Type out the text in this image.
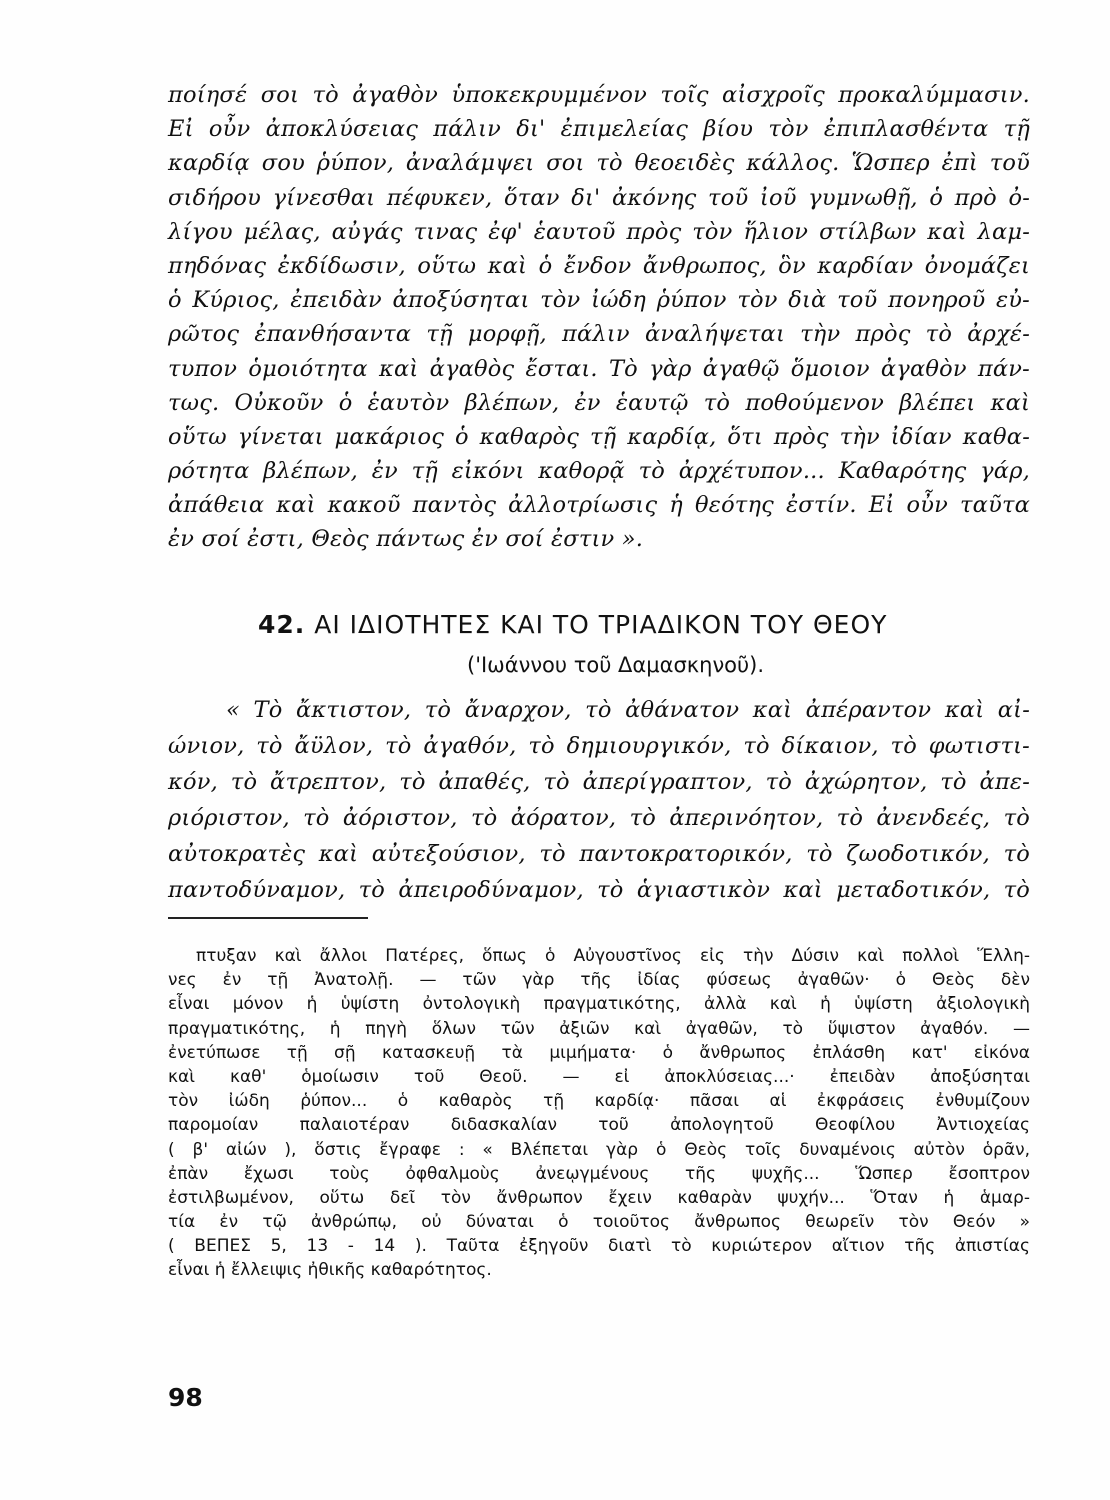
ποίησέ σοι τὸ ἀγαθὸν ὑποκεκρυμμένον τοῖς αἰσχροῖς προκαλύμμασιν.
Εἰ οὖν ἀποκλύσειας πάλιν δι' ἐπιμελείας βίου τὸν ἐπιπλασθέντα τῇ
καρδίᾳ σου ῥύπον, ἀναλάμψει σοι τὸ θεοειδὲς κάλλος. Ὥσπερ ἐπὶ τοῦ
σιδήρου γίνεσθαι πέφυκεν, ὅταν δι' ἀκόνης τοῦ ἰοῦ γυμνωθῇ, ὁ πρὸ ὀ-
λίγου μέλας, αὐγάς τινας ἐφ' ἑαυτοῦ πρὸς τὸν ἥλιον στίλβων καὶ λαμ-
πηδόνας ἐκδίδωσιν, οὕτω καὶ ὁ ἔνδον ἄνθρωπος, ὃν καρδίαν ὀνομάζει
ὁ Κύριος, ἐπειδὰν ἀποξύσηται τὸν ἰώδη ῥύπον τὸν διὰ τοῦ πονηροῦ εὐ-
ρῶτος ἐπανθήσαντα τῇ μορφῇ, πάλιν ἀναλήψεται τὴν πρὸς τὸ ἀρχέ-
τυπον ὁμοιότητα καὶ ἀγαθὸς ἔσται. Τὸ γὰρ ἀγαθῷ ὅμοιον ἀγαθὸν πάν-
τως. Οὐκοῦν ὁ ἑαυτὸν βλέπων, ἐν ἑαυτῷ τὸ ποθούμενον βλέπει καὶ
οὕτω γίνεται μακάριος ὁ καθαρὸς τῇ καρδίᾳ, ὅτι πρὸς τὴν ἰδίαν καθα-
ρότητα βλέπων, ἐν τῇ εἰκόνι καθορᾷ τὸ ἀρχέτυπον... Καθαρότης γάρ,
ἀπάθεια καὶ κακοῦ παντὸς ἀλλοτρίωσις ἡ θεότης ἐστίν. Εἰ οὖν ταῦτα
ἐν σοί ἐστι, Θεὸς πάντως ἐν σοί ἐστιν ».
42. ΑΙ ΙΔΙΟΤΗΤΕΣ ΚΑΙ ΤΟ ΤΡΙΑΔΙΚΟΝ ΤΟΥ ΘΕΟΥ
('Ιωάννου τοῦ Δαμασκηνοῦ).
« Τὸ ἄκτιστον, τὸ ἄναρχον, τὸ ἀθάνατον καὶ ἀπέραντον καὶ αἰ-
ώνιον, τὸ ἄϋλον, τὸ ἀγαθόν, τὸ δημιουργικόν, τὸ δίκαιον, τὸ φωτιστι-
κόν, τὸ ἄτρεπτον, τὸ ἀπαθές, τὸ ἀπερίγραπτον, τὸ ἀχώρητον, τὸ ἀπε-
ριόριστον, τὸ ἀόριστον, τὸ ἀόρατον, τὸ ἀπερινόητον, τὸ ἀνενδεές, τὸ
αὐτοκρατὲς καὶ αὐτεξούσιον, τὸ παντοκρατορικόν, τὸ ζωοδοτικόν, τὸ
παντοδύναμον, τὸ ἀπειροδύναμον, τὸ ἁγιαστικὸν καὶ μεταδοτικόν, τὸ
πτυξαν καὶ ἄλλοι Πατέρες, ὅπως ὁ Αὐγουστῖνος εἰς τὴν Δύσιν καὶ πολλοὶ Ἕλλη-
νες ἐν τῇ Ἀνατολῇ. — τῶν γὰρ τῆς ἰδίας φύσεως ἀγαθῶν· ὁ Θεὸς δὲν
εἶναι μόνον ἡ ὑψίστη ὀντολογικὴ πραγματικότης, ἀλλὰ καὶ ἡ ὑψίστη ἀξιολογικὴ
πραγματικότης, ἡ πηγὴ ὅλων τῶν ἀξιῶν καὶ ἀγαθῶν, τὸ ὕψιστον ἀγαθόν. —
ἐνετύπωσε τῇ σῇ κατασκευῇ τὰ μιμήματα· ὁ ἄνθρωπος ἐπλάσθη κατ' εἰκόνα
καὶ καθ' ὁμοίωσιν τοῦ Θεοῦ. — εἰ ἀποκλύσειας...· ἐπειδὰν ἀποξύσηται
τὸν ἰώδη ῥύπον... ὁ καθαρὸς τῇ καρδίᾳ· πᾶσαι αἱ ἐκφράσεις ἐνθυμίζουν
παρομοίαν παλαιοτέραν διδασκαλίαν τοῦ ἀπολογητοῦ Θεοφίλου Ἀντιοχείας
( β' αἰών ), ὅστις ἔγραφε : « Βλέπεται γὰρ ὁ Θεὸς τοῖς δυναμένοις αὐτὸν ὁρᾶν,
ἐπὰν ἔχωσι τοὺς ὀφθαλμοὺς ἀνεῳγμένους τῆς ψυχῆς... Ὥσπερ ἔσοπτρον
ἐστιλβωμένον, οὕτω δεῖ τὸν ἄνθρωπον ἔχειν καθαρὰν ψυχήν... Ὅταν ἡ ἁμαρ-
τία ἐν τῷ ἀνθρώπῳ, οὐ δύναται ὁ τοιοῦτος ἄνθρωπος θεωρεῖν τὸν Θεόν »
( ΒΕΠΕΣ 5, 13 - 14 ). Ταῦτα ἐξηγοῦν διατὶ τὸ κυριώτερον αἴτιον τῆς ἀπιστίας
εἶναι ἡ ἔλλειψις ἠθικῆς καθαρότητος.
98
